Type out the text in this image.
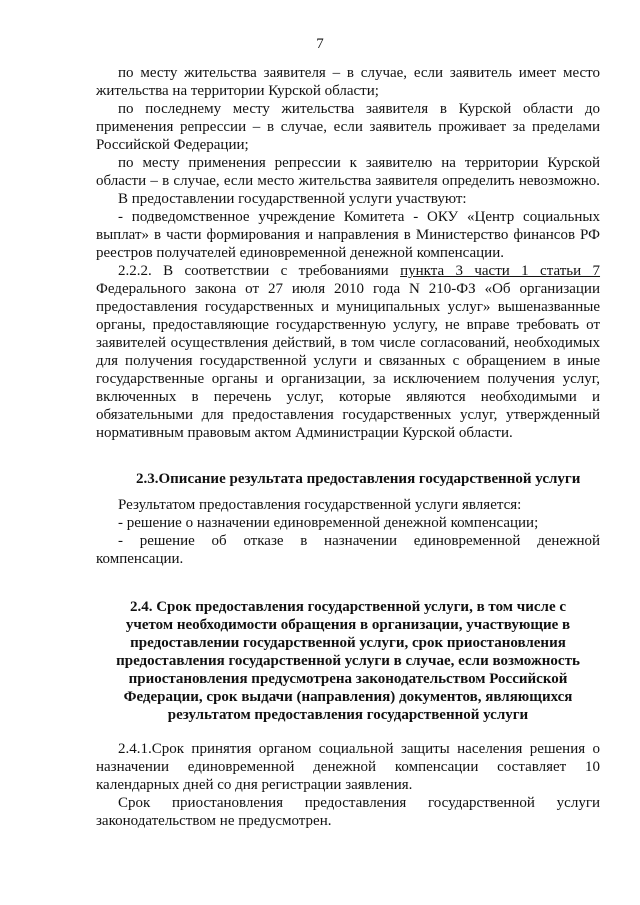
7
по месту жительства заявителя – в случае, если заявитель имеет место
жительства на территории Курской области;
по последнему месту жительства заявителя в Курской области до
применения репрессии – в случае, если заявитель проживает за пределами
Российской Федерации;
по месту применения репрессии к заявителю на территории Курской
области – в случае, если место жительства заявителя определить невозможно.
В предоставлении государственной услуги участвуют:
- подведомственное учреждение Комитета - ОКУ «Центр социальных
выплат» в части формирования и направления в Министерство финансов РФ
реестров получателей единовременной денежной компенсации.
2.2.2. В соответствии с требованиями пункта 3 части 1 статьи 7
Федерального закона от 27 июля 2010 года N 210-ФЗ «Об организации
предоставления государственных и муниципальных услуг» вышеназванные
органы, предоставляющие государственную услугу, не вправе требовать от
заявителей осуществления действий, в том числе согласований, необходимых
для получения государственной услуги и связанных с обращением в иные
государственные органы и организации, за исключением получения услуг,
включенных в перечень услуг, которые являются необходимыми и
обязательными для предоставления государственных услуг, утвержденный
нормативным правовым актом Администрации Курской области.
2.3.Описание результата предоставления государственной услуги
Результатом предоставления государственной услуги является:
- решение о назначении единовременной денежной компенсации;
- решение об отказе в назначении единовременной денежной
компенсации.
2.4. Срок предоставления государственной услуги, в том числе с
учетом необходимости обращения в организации, участвующие в
предоставлении государственной услуги, срок приостановления
предоставления государственной услуги в случае, если возможность
приостановления предусмотрена законодательством Российской
Федерации, срок выдачи (направления) документов, являющихся
результатом предоставления государственной услуги
2.4.1.Срок принятия органом социальной защиты населения решения о
назначении единовременной денежной компенсации составляет 10
календарных дней со дня регистрации заявления.
Срок приостановления предоставления государственной услуги
законодательством не предусмотрен.
